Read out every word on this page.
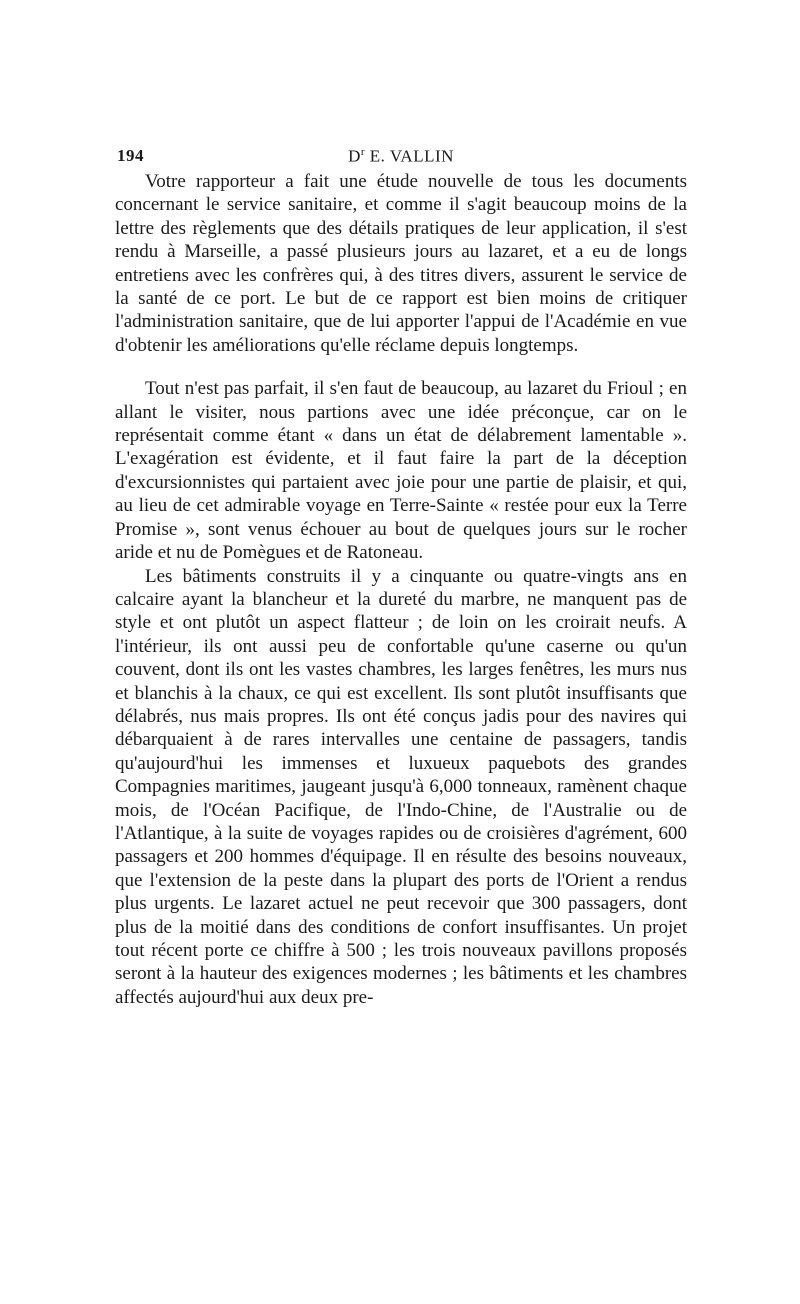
194	$D^r$ E. VALLIN

Votre rapporteur a fait une étude nouvelle de tous les documents concernant le service sanitaire, et comme il s'agit beaucoup moins de la lettre des règlements que des détails pratiques de leur application, il s'est rendu à Marseille, a passé plusieurs jours au lazaret, et a eu de longs entretiens avec les confrères qui, à des titres divers, assurent le service de la santé de ce port. Le but de ce rapport est bien moins de critiquer l'administration sanitaire, que de lui apporter l'appui de l'Académie en vue d'obtenir les améliorations qu'elle réclame depuis longtemps.

Tout n'est pas parfait, il s'en faut de beaucoup, au lazaret du Frioul ; en allant le visiter, nous partions avec une idée préconçue, car on le représentait comme étant « dans un état de délabrement lamentable ». L'exagération est évidente, et il faut faire la part de la déception d'excursionnistes qui partaient avec joie pour une partie de plaisir, et qui, au lieu de cet admirable voyage en Terre-Sainte « restée pour eux la Terre Promise », sont venus échouer au bout de quelques jours sur le rocher aride et nu de Pomègues et de Ratoneau.

Les bâtiments construits il y a cinquante ou quatre-vingts ans en calcaire ayant la blancheur et la dureté du marbre, ne manquent pas de style et ont plutôt un aspect flatteur ; de loin on les croirait neufs. A l'intérieur, ils ont aussi peu de confortable qu'une caserne ou qu'un couvent, dont ils ont les vastes chambres, les larges fenêtres, les murs nus et blanchis à la chaux, ce qui est excellent. Ils sont plutôt insuffisants que délabrés, nus mais propres. Ils ont été conçus jadis pour des navires qui débarquaient à de rares intervalles une centaine de passagers, tandis qu'aujourd'hui les immenses et luxueux paquebots des grandes Compagnies maritimes, jaugeant jusqu'à 6,000 tonneaux, ramènent chaque mois, de l'Océan Pacifique, de l'Indo-Chine, de l'Australie ou de l'Atlantique, à la suite de voyages rapides ou de croisières d'agrément, 600 passagers et 200 hommes d'équipage. Il en résulte des besoins nouveaux, que l'extension de la peste dans la plupart des ports de l'Orient a rendus plus urgents. Le lazaret actuel ne peut recevoir que 300 passagers, dont plus de la moitié dans des conditions de confort insuffisantes. Un projet tout récent porte ce chiffre à 500 ; les trois nouveaux pavillons proposés seront à la hauteur des exigences modernes ; les bâtiments et les chambres affectés aujourd'hui aux deux pre-
